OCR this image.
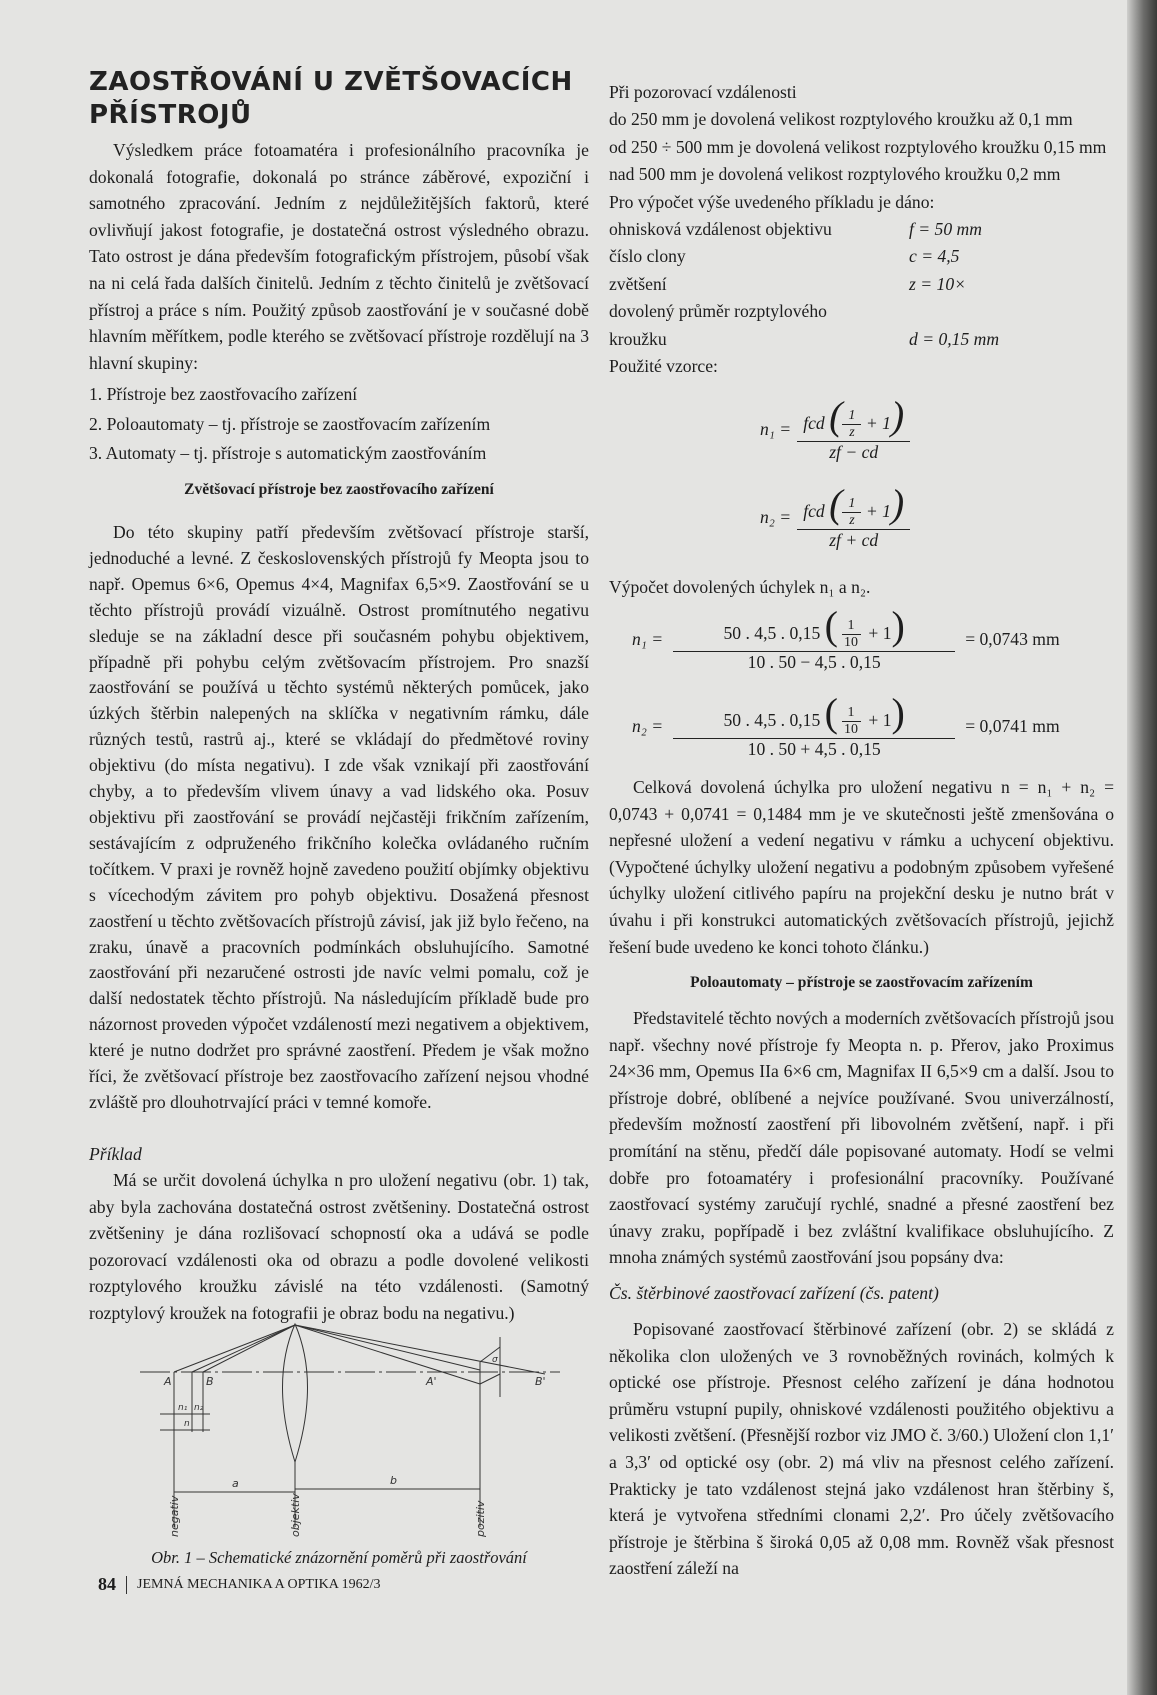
ZAOSTŘOVÁNÍ U ZVĚTŠOVACÍCH
PŘÍSTROJŮ
Výsledkem práce fotoamatéra i profesionálního pracovníka je dokonalá fotografie, dokonalá po stránce záběrové, expoziční i samotného zpracování. Jedním z nejdůležitějších faktorů, které ovlivňují jakost fotografie, je dostatečná ostrost výsledného obrazu. Tato ostrost je dána především fotografickým přístrojem, působí však na ni celá řada dalších činitelů. Jedním z těchto činitelů je zvětšovací přístroj a práce s ním. Použitý způsob zaostřování je v současné době hlavním měřítkem, podle kterého se zvětšovací přístroje rozdělují na 3 hlavní skupiny:
1. Přístroje bez zaostřovacího zařízení
2. Poloautomaty – tj. přístroje se zaostřovacím zařízením
3. Automaty – tj. přístroje s automatickým zaostřováním
Zvětšovací přístroje bez zaostřovacího zařízení
Do této skupiny patří především zvětšovací přístroje starší, jednoduché a levné. Z československých přístrojů fy Meopta jsou to např. Opemus 6×6, Opemus 4×4, Magnifax 6,5×9. Zaostřování se u těchto přístrojů provádí vizuálně. Ostrost promítnutého negativu sleduje se na základní desce při současném pohybu objektivem, případně při pohybu celým zvětšovacím přístrojem. Pro snazší zaostřování se používá u těchto systémů některých pomůcek, jako úzkých štěrbin nalepených na sklíčka v negativním rámku, dále různých testů, rastrů aj., které se vkládají do předmětové roviny objektivu (do místa negativu). I zde však vznikají při zaostřování chyby, a to především vlivem únavy a vad lidského oka. Posuv objektivu při zaostřování se provádí nejčastěji frikčním zařízením, sestávajícím z odpruženého frikčního kolečka ovládaného ručním točítkem. V praxi je rovněž hojně zavedeno použití objímky objektivu s vícechodým závitem pro pohyb objektivu. Dosažená přesnost zaostření u těchto zvětšovacích přístrojů závisí, jak již bylo řečeno, na zraku, únavě a pracovních podmínkách obsluhujícího. Samotné zaostřování při nezaručené ostrosti jde navíc velmi pomalu, což je další nedostatek těchto přístrojů. Na následujícím příkladě bude pro názornost proveden výpočet vzdáleností mezi negativem a objektivem, které je nutno dodržet pro správné zaostření. Předem je však možno říci, že zvětšovací přístroje bez zaostřovacího zařízení nejsou vhodné zvláště pro dlouhotrvající práci v temné komoře.
Příklad
Má se určit dovolená úchylka n pro uložení negativu (obr. 1) tak, aby byla zachována dostatečná ostrost zvětšeniny. Dostatečná ostrost zvětšeniny je dána rozlišovací schopností oka a udává se podle pozorovací vzdálenosti oka od obrazu a podle dovolené velikosti rozptylového kroužku závislé na této vzdálenosti. (Samotný rozptylový kroužek na fotografii je obraz bodu na negativu.)
A	B	A'	B'
n₁ n₂
n
a	b
σ
negativ	objektiv	pozitiv
Obr. 1 – Schematické znázornění poměrů při zaostřování
84 JEMNÁ MECHANIKA A OPTIKA 1962/3
Při pozorovací vzdálenosti
do 250 mm je dovolená velikost rozptylového kroužku až 0,1 mm
od 250 ÷ 500 mm je dovolená velikost rozptylového kroužku 0,15 mm
nad 500 mm je dovolená velikost rozptylového kroužku 0,2 mm
Pro výpočet výše uvedeného příkladu je dáno:
ohnisková vzdálenost objektivu	f = 50 mm
číslo clony	c = 4,5
zvětšení	z = 10×
dovolený průměr rozptylového kroužku	d = 0,15 mm
Použité vzorce:
$n_1 = \frac{fcd ( \frac{1}{z} + 1)}{zf - cd}$
$n_2 = \frac{fcd ( \frac{1}{z} + 1)}{zf + cd}$
Výpočet dovolených úchylek n₁ a n₂.
$n_1 = \frac{50 . 4,5 . 0,15 ( \frac{1}{10} + 1)}{10 . 50 - 4,5 . 0,15} = 0,0743$ mm
$n_2 = \frac{50 . 4,5 . 0,15 ( \frac{1}{10} + 1)}{10 . 50 + 4,5 . 0,15} = 0,0741$ mm
Celková dovolená úchylka pro uložení negativu n = n₁ + n₂ = 0,0743 + 0,0741 = 0,1484 mm je ve skutečnosti ještě zmenšována o nepřesné uložení a vedení negativu v rámku a uchycení objektivu. (Vypočtené úchylky uložení negativu a podobným způsobem vyřešené úchylky uložení citlivého papíru na projekční desku je nutno brát v úvahu i při konstrukci automatických zvětšovacích přístrojů, jejichž řešení bude uvedeno ke konci tohoto článku.)
Poloautomaty – přístroje se zaostřovacím zařízením
Představitelé těchto nových a moderních zvětšovacích přístrojů jsou např. všechny nové přístroje fy Meopta n. p. Přerov, jako Proximus 24×36 mm, Opemus IIa 6×6 cm, Magnifax II 6,5×9 cm a další. Jsou to přístroje dobré, oblíbené a nejvíce používané. Svou univerzálností, především možností zaostření při libovolném zvětšení, např. i při promítání na stěnu, předčí dále popisované automaty. Hodí se velmi dobře pro fotoamatéry i profesionální pracovníky. Používané zaostřovací systémy zaručují rychlé, snadné a přesné zaostření bez únavy zraku, popřípadě i bez zvláštní kvalifikace obsluhujícího. Z mnoha známých systémů zaostřování jsou popsány dva:
Čs. štěrbinové zaostřovací zařízení (čs. patent)
Popisované zaostřovací štěrbinové zařízení (obr. 2) se skládá z několika clon uložených ve 3 rovnoběžných rovinách, kolmých k optické ose přístroje. Přesnost celého zařízení je dána hodnotou průměru vstupní pupily, ohniskové vzdálenosti použitého objektivu a velikosti zvětšení. (Přesnější rozbor viz JMO č. 3/60.) Uložení clon 1,1′ a 3,3′ od optické osy (obr. 2) má vliv na přesnost celého zařízení. Prakticky je tato vzdálenost stejná jako vzdálenost hran štěrbiny š, která je vytvořena středními clonami 2,2′. Pro účely zvětšovacího přístroje je štěrbina š široká 0,05 až 0,08 mm. Rovněž však přesnost zaostření záleží na
